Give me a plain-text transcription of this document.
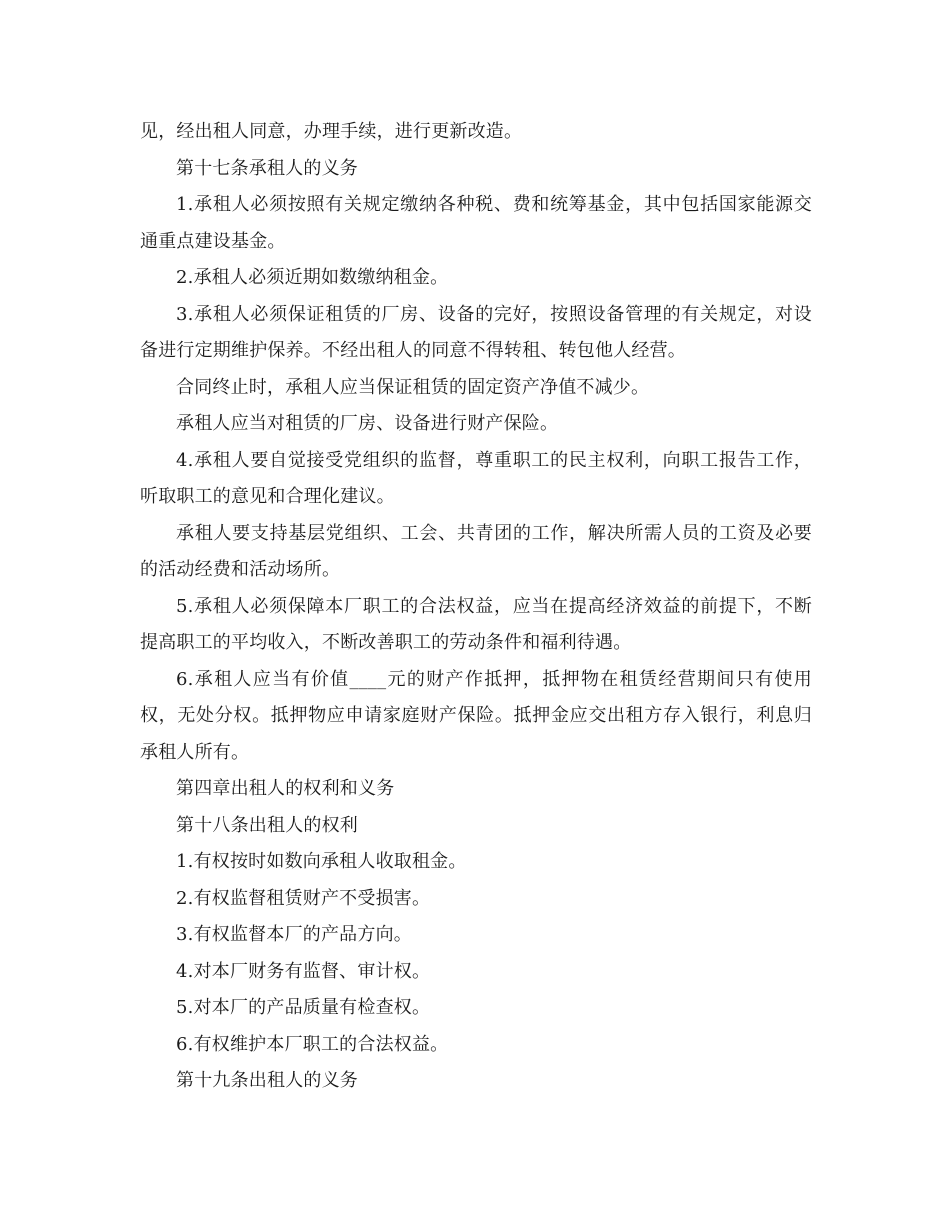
见，经出租人同意，办理手续，进行更新改造。

第十七条承租人的义务

1.承租人必须按照有关规定缴纳各种税、费和统筹基金，其中包括国家能源交通重点建设基金。

2.承租人必须近期如数缴纳租金。

3.承租人必须保证租赁的厂房、设备的完好，按照设备管理的有关规定，对设备进行定期维护保养。不经出租人的同意不得转租、转包他人经营。

合同终止时，承租人应当保证租赁的固定资产净值不减少。

承租人应当对租赁的厂房、设备进行财产保险。

4.承租人要自觉接受党组织的监督，尊重职工的民主权利，向职工报告工作，听取职工的意见和合理化建议。

承租人要支持基层党组织、工会、共青团的工作，解决所需人员的工资及必要的活动经费和活动场所。

5.承租人必须保障本厂职工的合法权益，应当在提高经济效益的前提下，不断提高职工的平均收入，不断改善职工的劳动条件和福利待遇。

6.承租人应当有价值____元的财产作抵押，抵押物在租赁经营期间只有使用权，无处分权。抵押物应申请家庭财产保险。抵押金应交出租方存入银行，利息归承租人所有。

第四章出租人的权利和义务

第十八条出租人的权利

1.有权按时如数向承租人收取租金。

2.有权监督租赁财产不受损害。

3.有权监督本厂的产品方向。

4.对本厂财务有监督、审计权。

5.对本厂的产品质量有检查权。

6.有权维护本厂职工的合法权益。

第十九条出租人的义务
